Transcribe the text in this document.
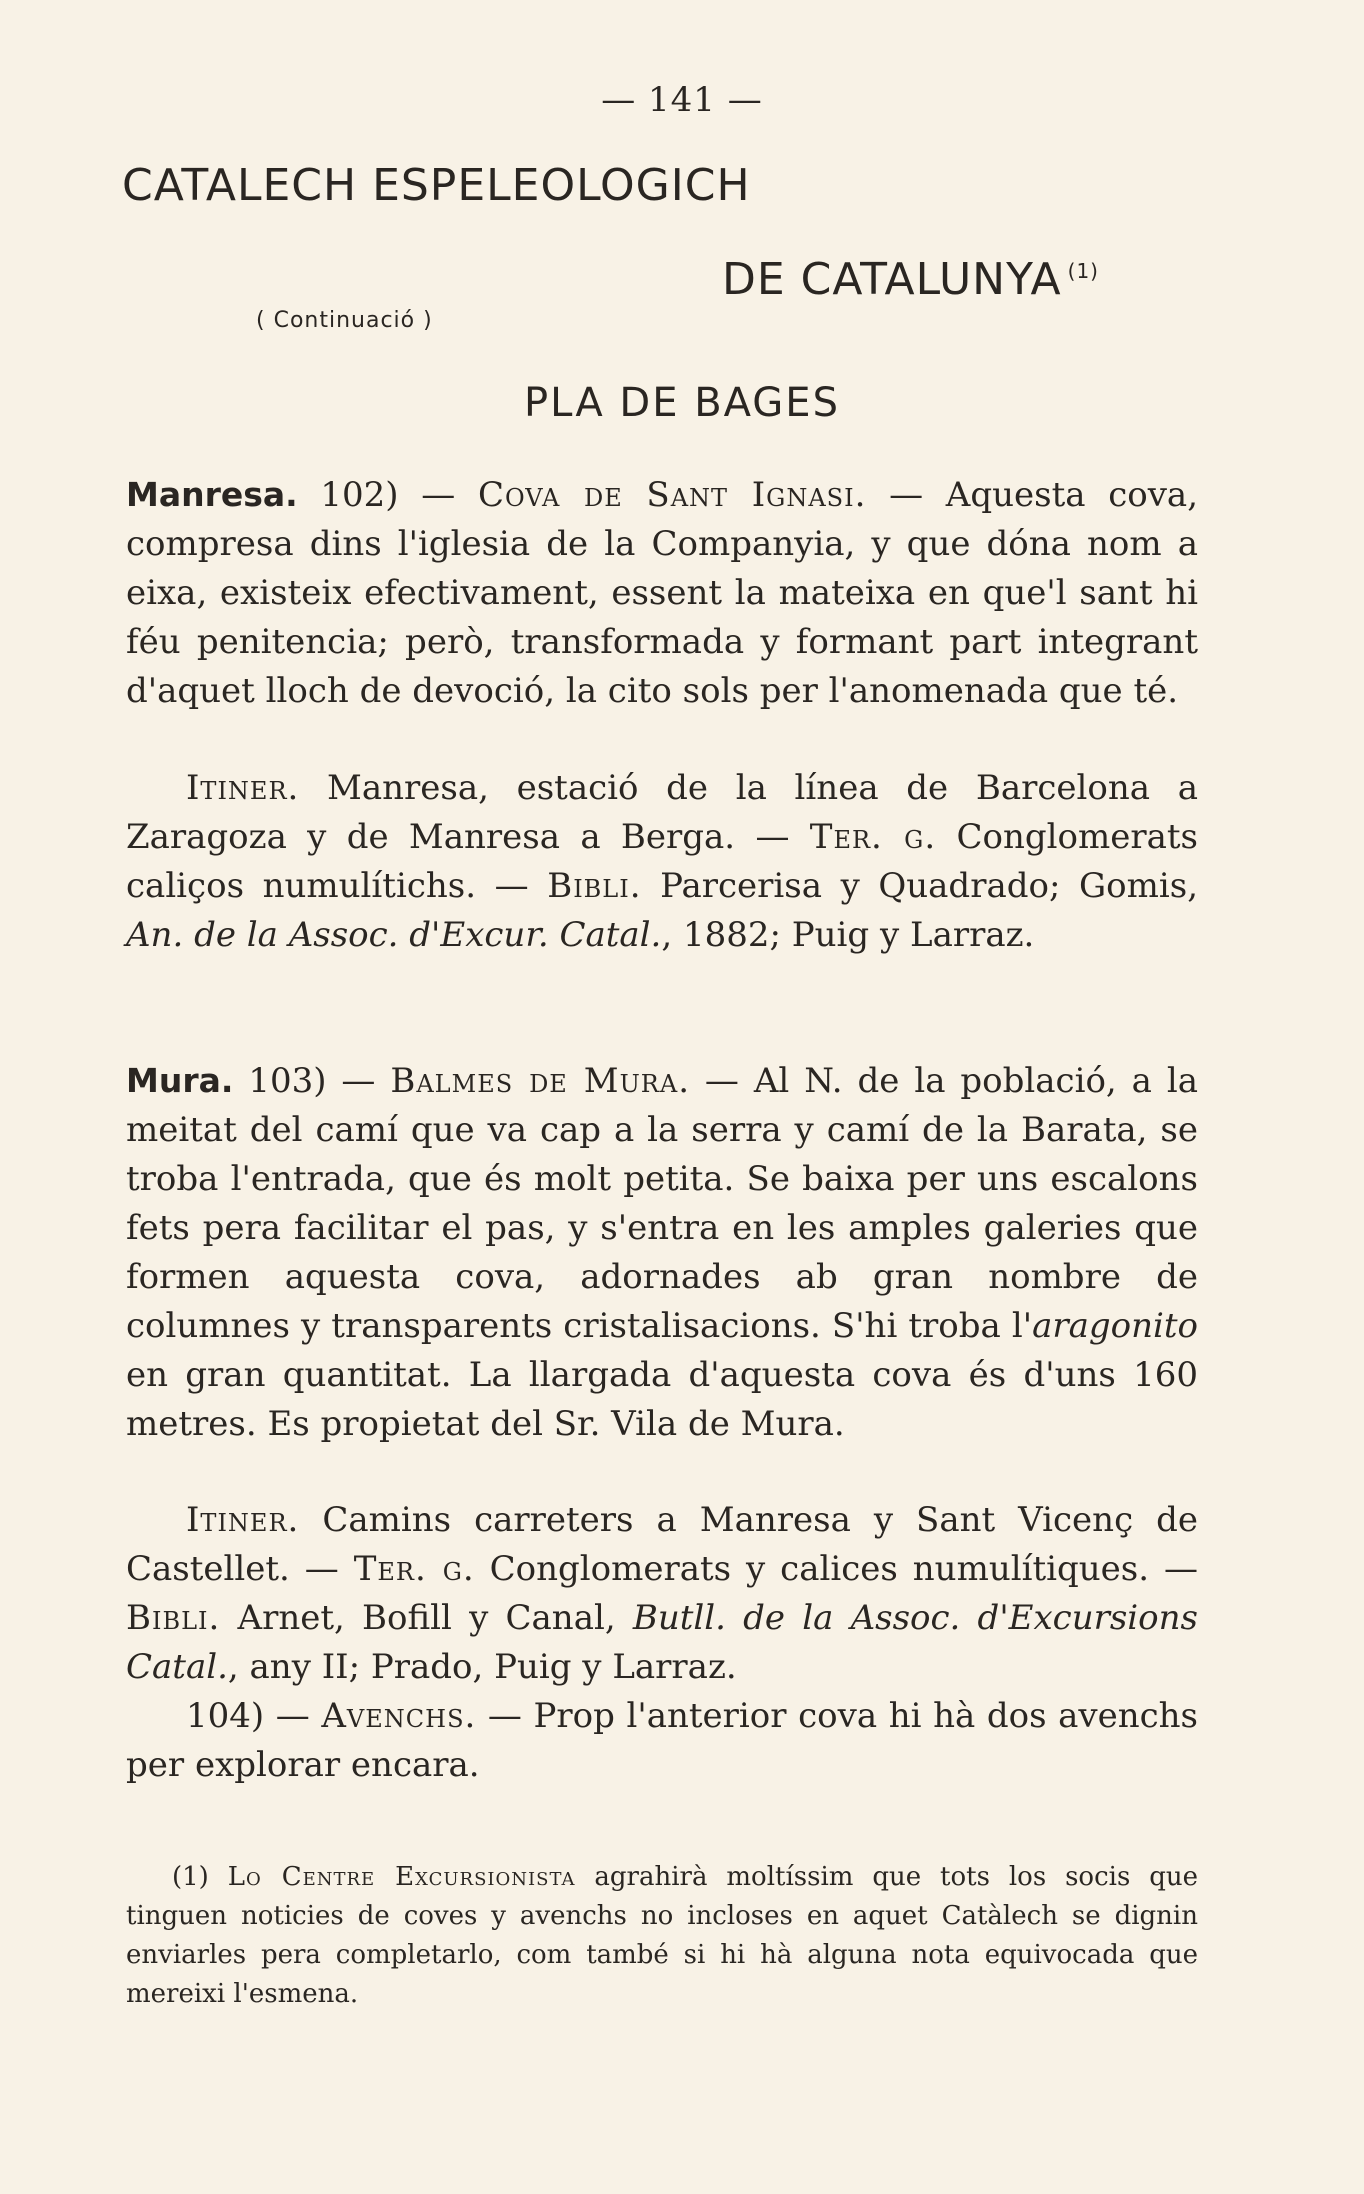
— 141 —
CATALECH ESPELEOLOGICH
DE CATALUNYA $^{(1)}$
( Continuació )
PLA DE BAGES

Manresa. 102) — Cova de Sant Ignasi. — Aquesta cova, compresa dins l'iglesia de la Companyia, y que dóna nom a eixa, existeix efectivament, essent la mateixa en que'l sant hi féu penitencia; però, transformada y formant part integrant d'aquet lloch de devoció, la cito sols per l'anomenada que té.

Itiner. Manresa, estació de la línea de Barcelona a Zaragoza y de Manresa a Berga. — Ter. g. Conglomerats caliços numulítichs. — Bibli. Parcerisa y Quadrado; Gomis, An. de la Assoc. d'Excur. Catal., 1882; Puig y Larraz.

Mura. 103) — Balmes de Mura. — Al N. de la població, a la meitat del camí que va cap a la serra y camí de la Barata, se troba l'entrada, que és molt petita. Se baixa per uns escalons fets pera facilitar el pas, y s'entra en les amples galeries que formen aquesta cova, adornades ab gran nombre de columnes y transparents cristalisacions. S'hi troba l'aragonito en gran quantitat. La llargada d'aquesta cova és d'uns 160 metres. Es propietat del Sr. Vila de Mura.

Itiner. Camins carreters a Manresa y Sant Vicenç de Castellet. — Ter. g. Conglomerats y calices numulítiques. — Bibli. Arnet, Bofill y Canal, Butll. de la Assoc. d'Excursions Catal., any II; Prado, Puig y Larraz.

104) — Avenchs. — Prop l'anterior cova hi hà dos avenchs per explorar encara.

(1) Lo Centre Excursionista agrahirà moltíssim que tots los socis que tinguen noticies de coves y avenchs no incloses en aquet Catàlech se dignin enviarles pera completarlo, com també si hi hà alguna nota equivocada que mereixi l'esmena.
